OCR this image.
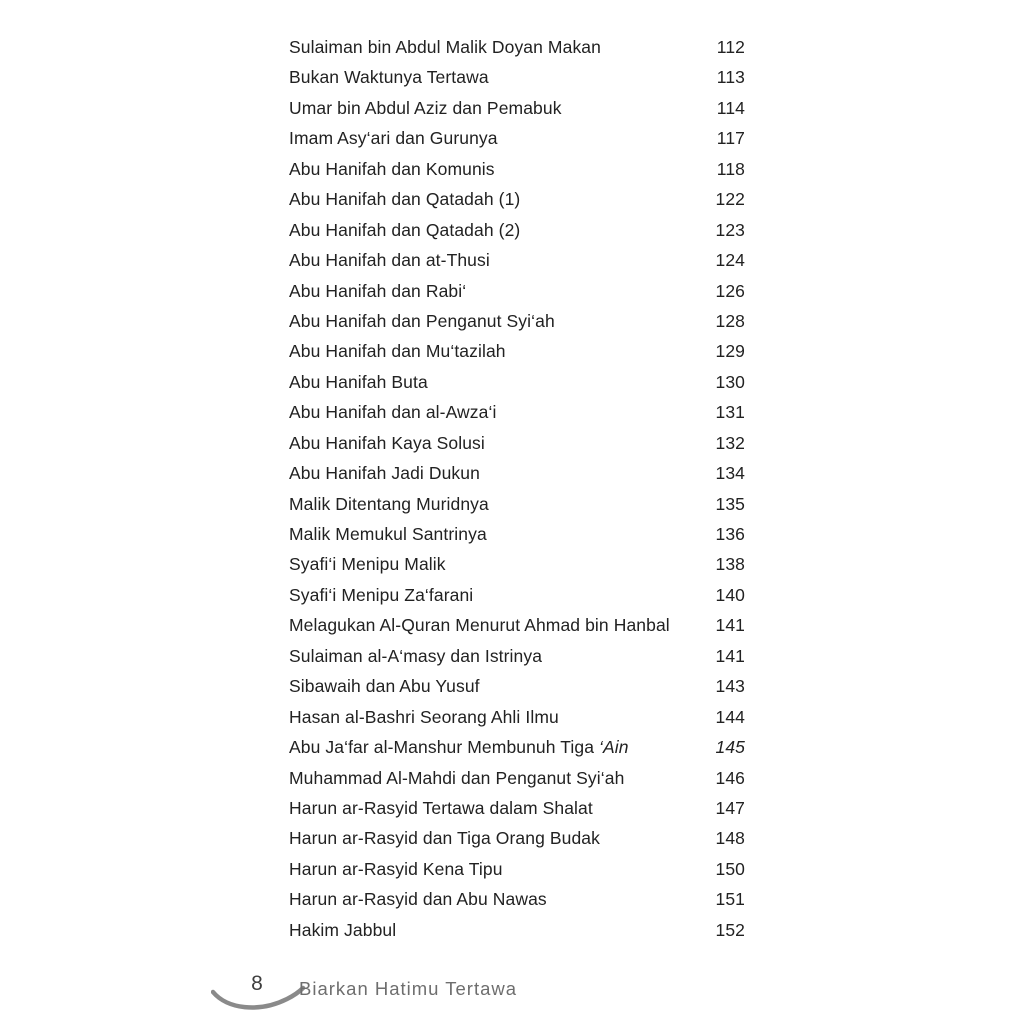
Sulaiman bin Abdul Malik Doyan Makan	112
Bukan Waktunya Tertawa	113
Umar bin Abdul Aziz dan Pemabuk	114
Imam Asy‘ari dan Gurunya	117
Abu Hanifah dan Komunis	118
Abu Hanifah dan Qatadah (1)	122
Abu Hanifah dan Qatadah (2)	123
Abu Hanifah dan at-Thusi	124
Abu Hanifah dan Rabi‘	126
Abu Hanifah dan Penganut Syi‘ah	128
Abu Hanifah dan Mu‘tazilah	129
Abu Hanifah Buta	130
Abu Hanifah dan al-Awza‘i	131
Abu Hanifah Kaya Solusi	132
Abu Hanifah Jadi Dukun	134
Malik Ditentang Muridnya	135
Malik Memukul Santrinya	136
Syafi‘i Menipu Malik	138
Syafi‘i Menipu Za‘farani	140
Melagukan Al-Quran Menurut Ahmad bin Hanbal	141
Sulaiman al-A‘masy dan Istrinya	141
Sibawaih dan Abu Yusuf	143
Hasan al-Bashri Seorang Ahli Ilmu	144
Abu Ja‘far al-Manshur Membunuh Tiga ‘Ain	145
Muhammad Al-Mahdi dan Penganut Syi‘ah	146
Harun ar-Rasyid Tertawa dalam Shalat	147
Harun ar-Rasyid dan Tiga Orang Budak	148
Harun ar-Rasyid Kena Tipu	150
Harun ar-Rasyid dan Abu Nawas	151
Hakim Jabbul	152
8 Biarkan Hatimu Tertawa
